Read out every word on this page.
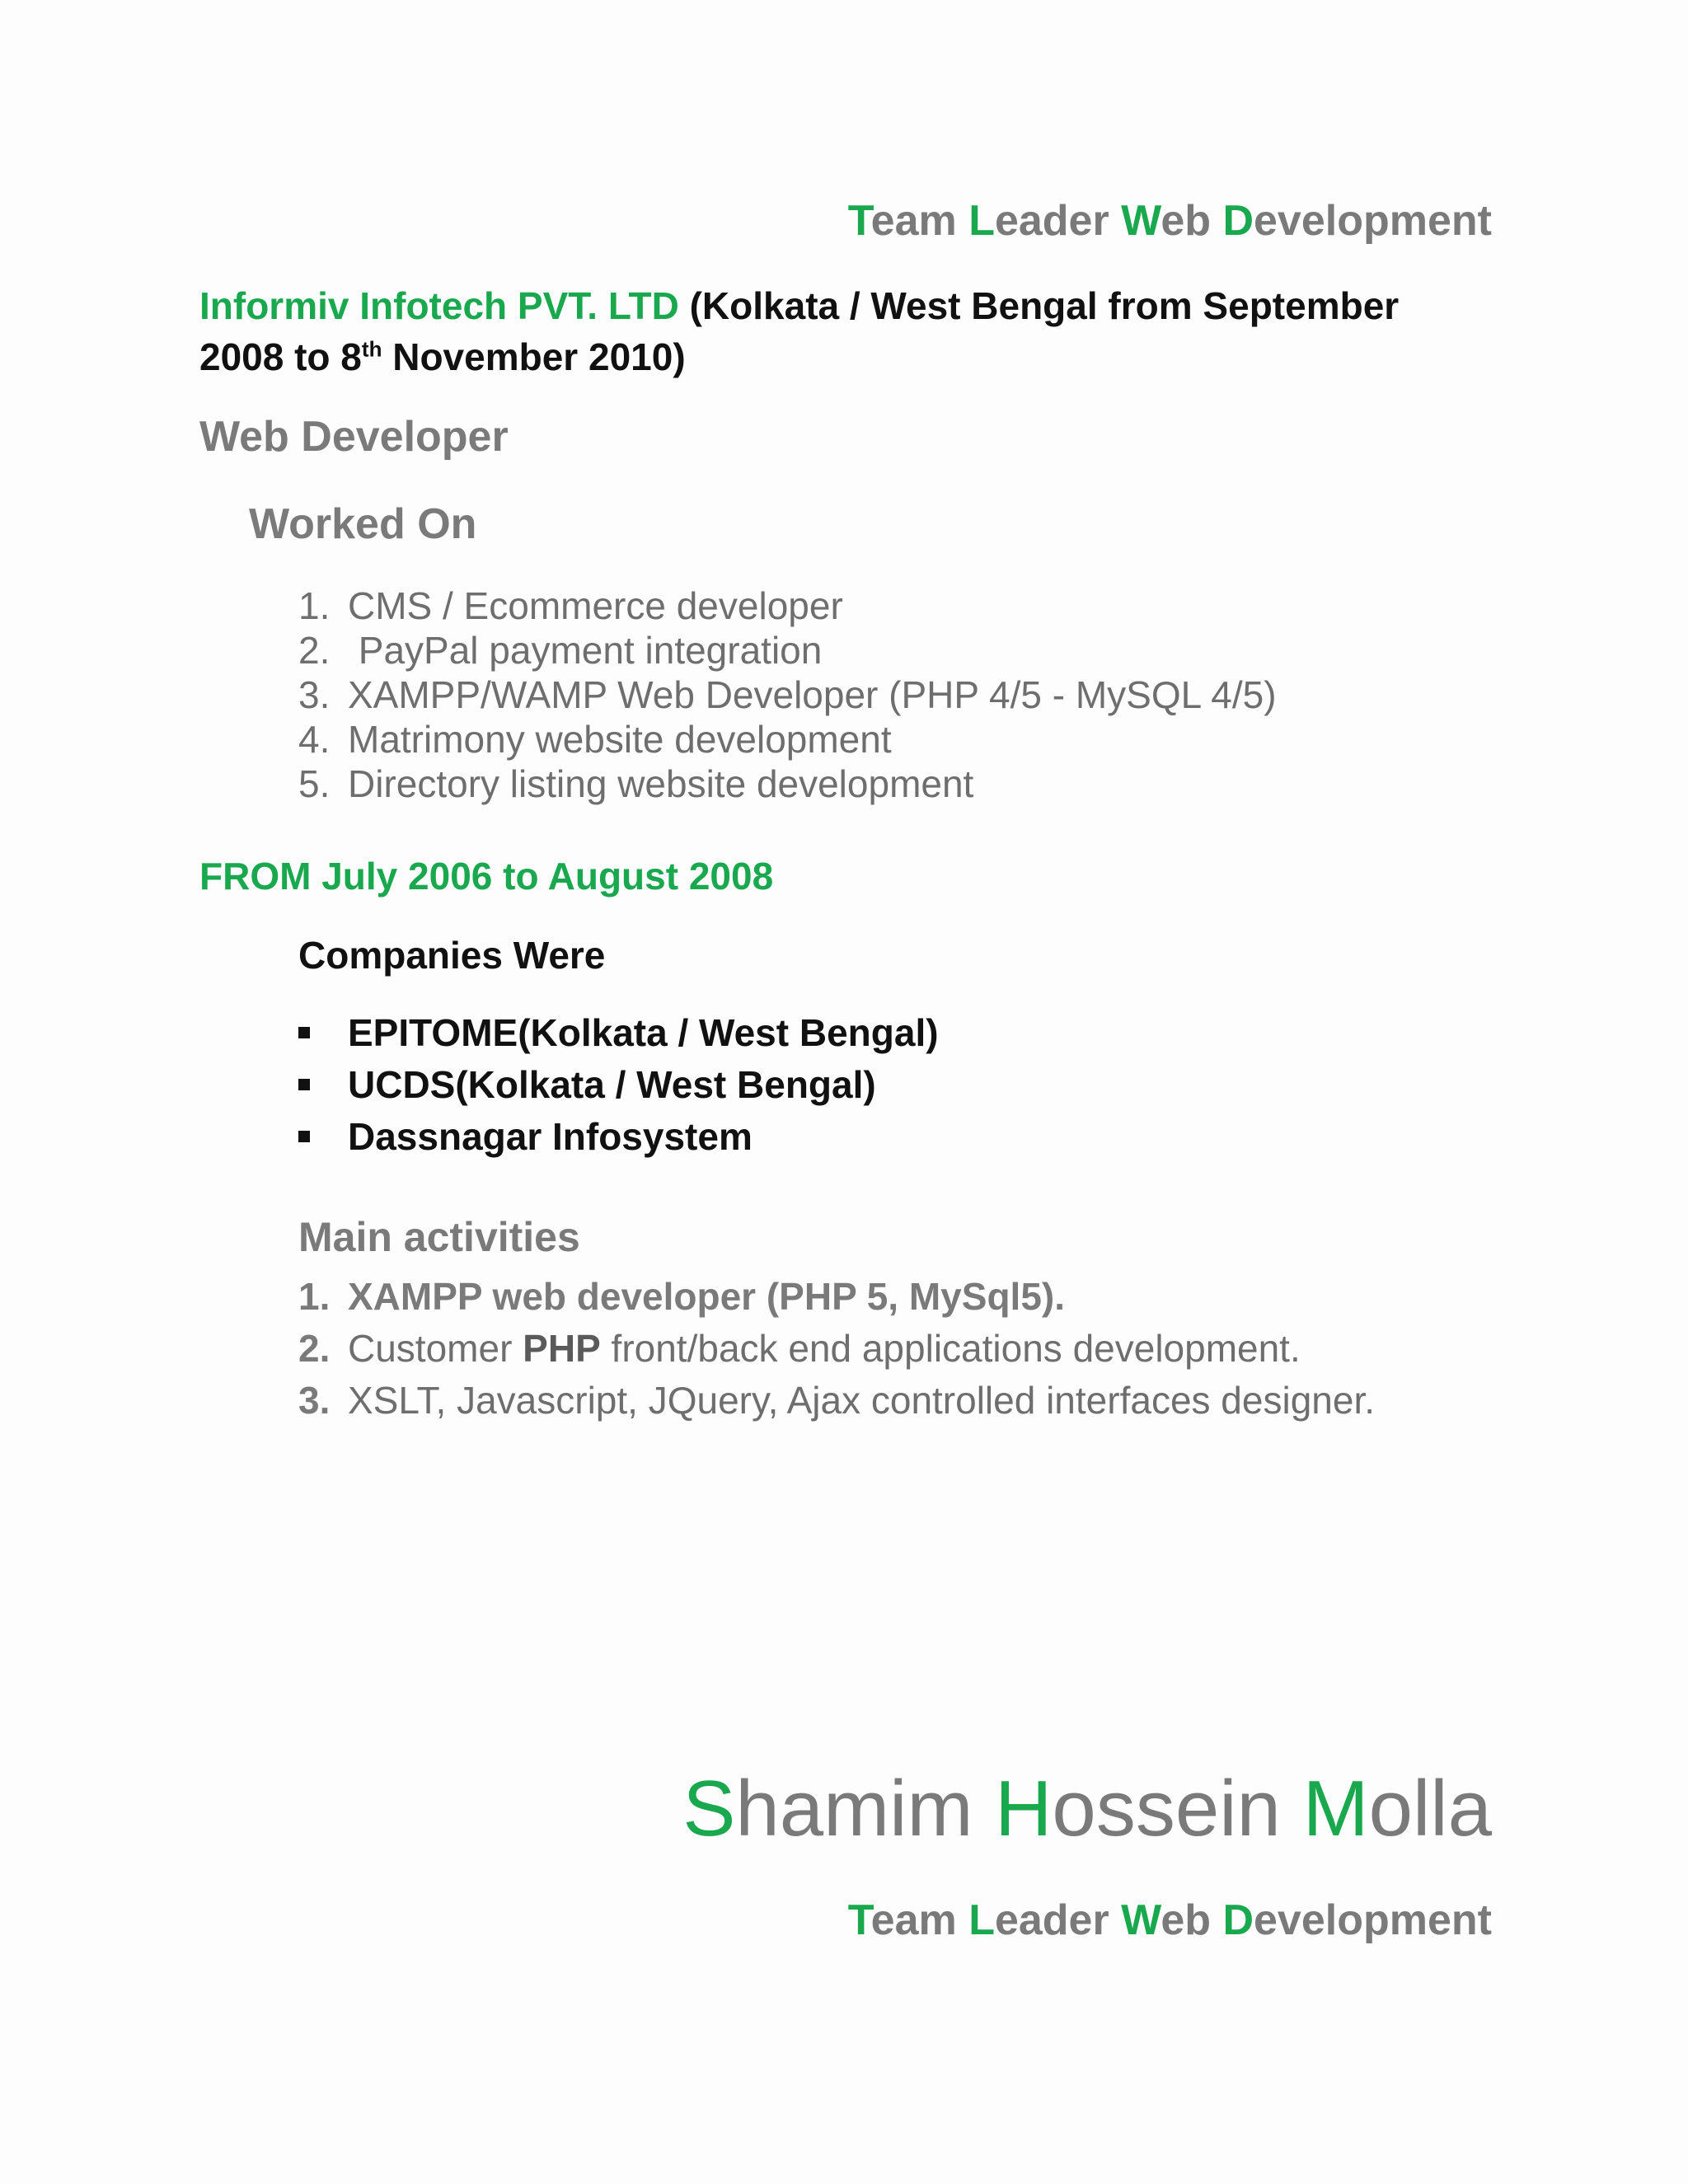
Team Leader Web Development
Informiv Infotech PVT. LTD (Kolkata / West Bengal from September 2008 to 8th November 2010)
Web Developer
Worked On
1. CMS / Ecommerce developer
2. PayPal payment integration
3. XAMPP/WAMP Web Developer (PHP 4/5 - MySQL 4/5)
4. Matrimony website development
5. Directory listing website development
FROM July 2006 to August 2008
Companies Were
EPITOME(Kolkata / West Bengal)
UCDS(Kolkata / West Bengal)
Dassnagar Infosystem
Main activities
1. XAMPP web developer (PHP 5, MySql5).
2. Customer PHP front/back end applications development.
3. XSLT, Javascript, JQuery, Ajax controlled interfaces designer.
Shamim Hossein Molla
Team Leader Web Development
